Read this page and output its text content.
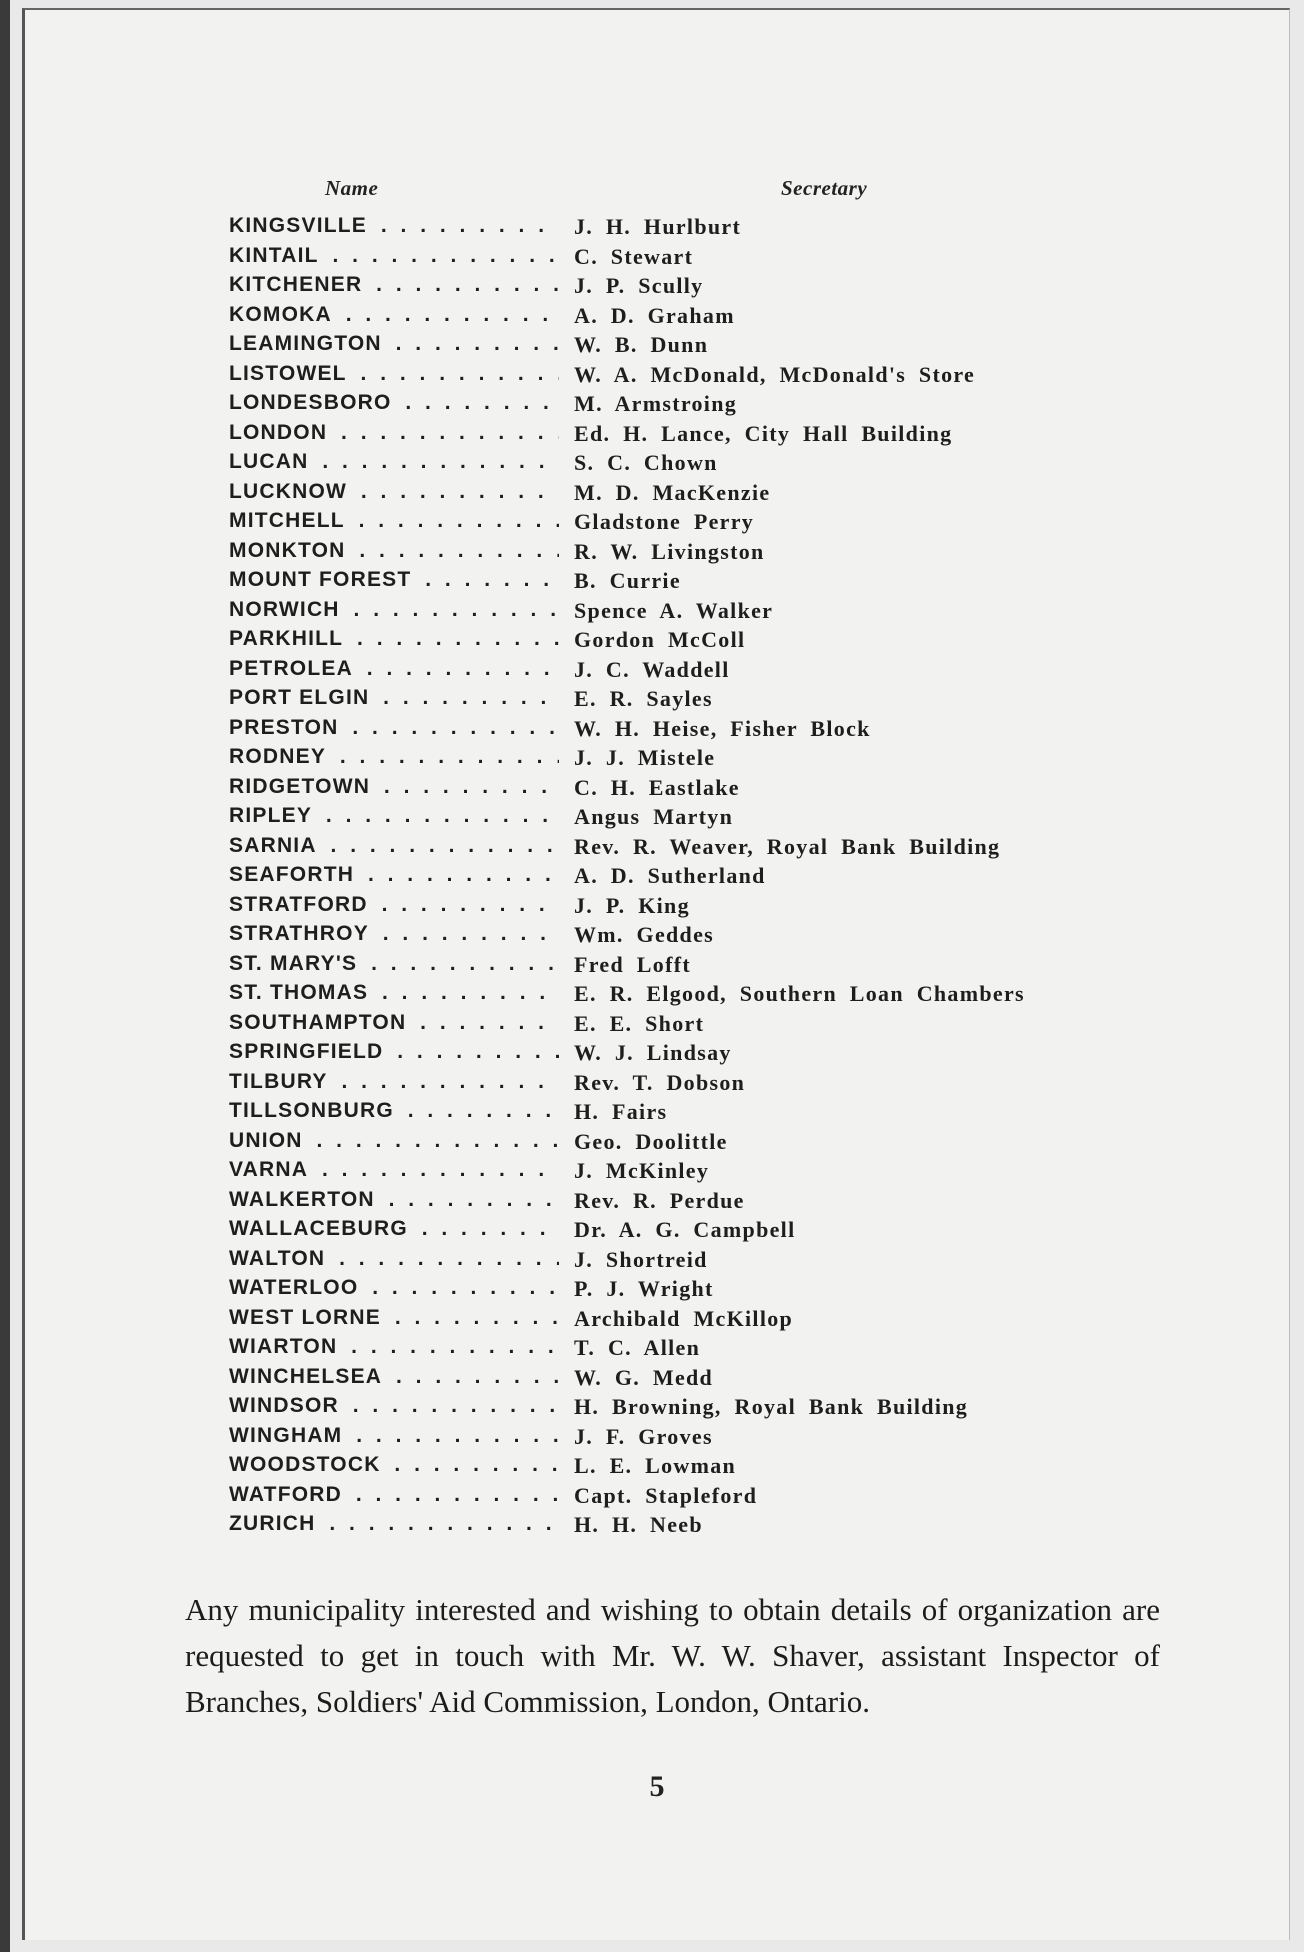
Name	Secretary
KINGSVILLE . . .	J. H. Hurlburt
KINTAIL . . .	C. Stewart
KITCHENER . . .	J. P. Scully
KOMOKA . . .	A. D. Graham
LEAMINGTON . . .	W. B. Dunn
LISTOWEL . . .	W. A. McDonald, McDonald's Store
LONDESBORO . . .	M. Armstroing
LONDON . . .	Ed. H. Lance, City Hall Building
LUCAN . . .	S. C. Chown
LUCKNOW . . .	M. D. MacKenzie
MITCHELL . . .	Gladstone Perry
MONKTON . . .	R. W. Livingston
MOUNT FOREST . . .	B. Currie
NORWICH . . .	Spence A. Walker
PARKHILL . . .	Gordon McColl
PETROLEA . . .	J. C. Waddell
PORT ELGIN . . .	E. R. Sayles
PRESTON . . .	W. H. Heise, Fisher Block
RODNEY . . .	J. J. Mistele
RIDGETOWN . . .	C. H. Eastlake
RIPLEY . . .	Angus Martyn
SARNIA . . .	Rev. R. Weaver, Royal Bank Building
SEAFORTH . . .	A. D. Sutherland
STRATFORD . . .	J. P. King
STRATHROY . . .	Wm. Geddes
ST. MARY'S . . .	Fred Lofft
ST. THOMAS . . .	E. R. Elgood, Southern Loan Chambers
SOUTHAMPTON . . .	E. E. Short
SPRINGFIELD . . .	W. J. Lindsay
TILBURY . . .	Rev. T. Dobson
TILLSONBURG . . .	H. Fairs
UNION . . .	Geo. Doolittle
VARNA . . .	J. McKinley
WALKERTON . . .	Rev. R. Perdue
WALLACEBURG . . .	Dr. A. G. Campbell
WALTON . . .	J. Shortreid
WATERLOO . . .	P. J. Wright
WEST LORNE . . .	Archibald McKillop
WIARTON . . .	T. C. Allen
WINCHELSEA . . .	W. G. Medd
WINDSOR . . .	H. Browning, Royal Bank Building
WINGHAM . . .	J. F. Groves
WOODSTOCK . . .	L. E. Lowman
WATFORD . . .	Capt. Stapleford
ZURICH . . .	H. H. Neeb

Any municipality interested and wishing to obtain details of organization are requested to get in touch with Mr. W. W. Shaver, assistant Inspector of Branches, Soldiers' Aid Commission, London, Ontario.

5
